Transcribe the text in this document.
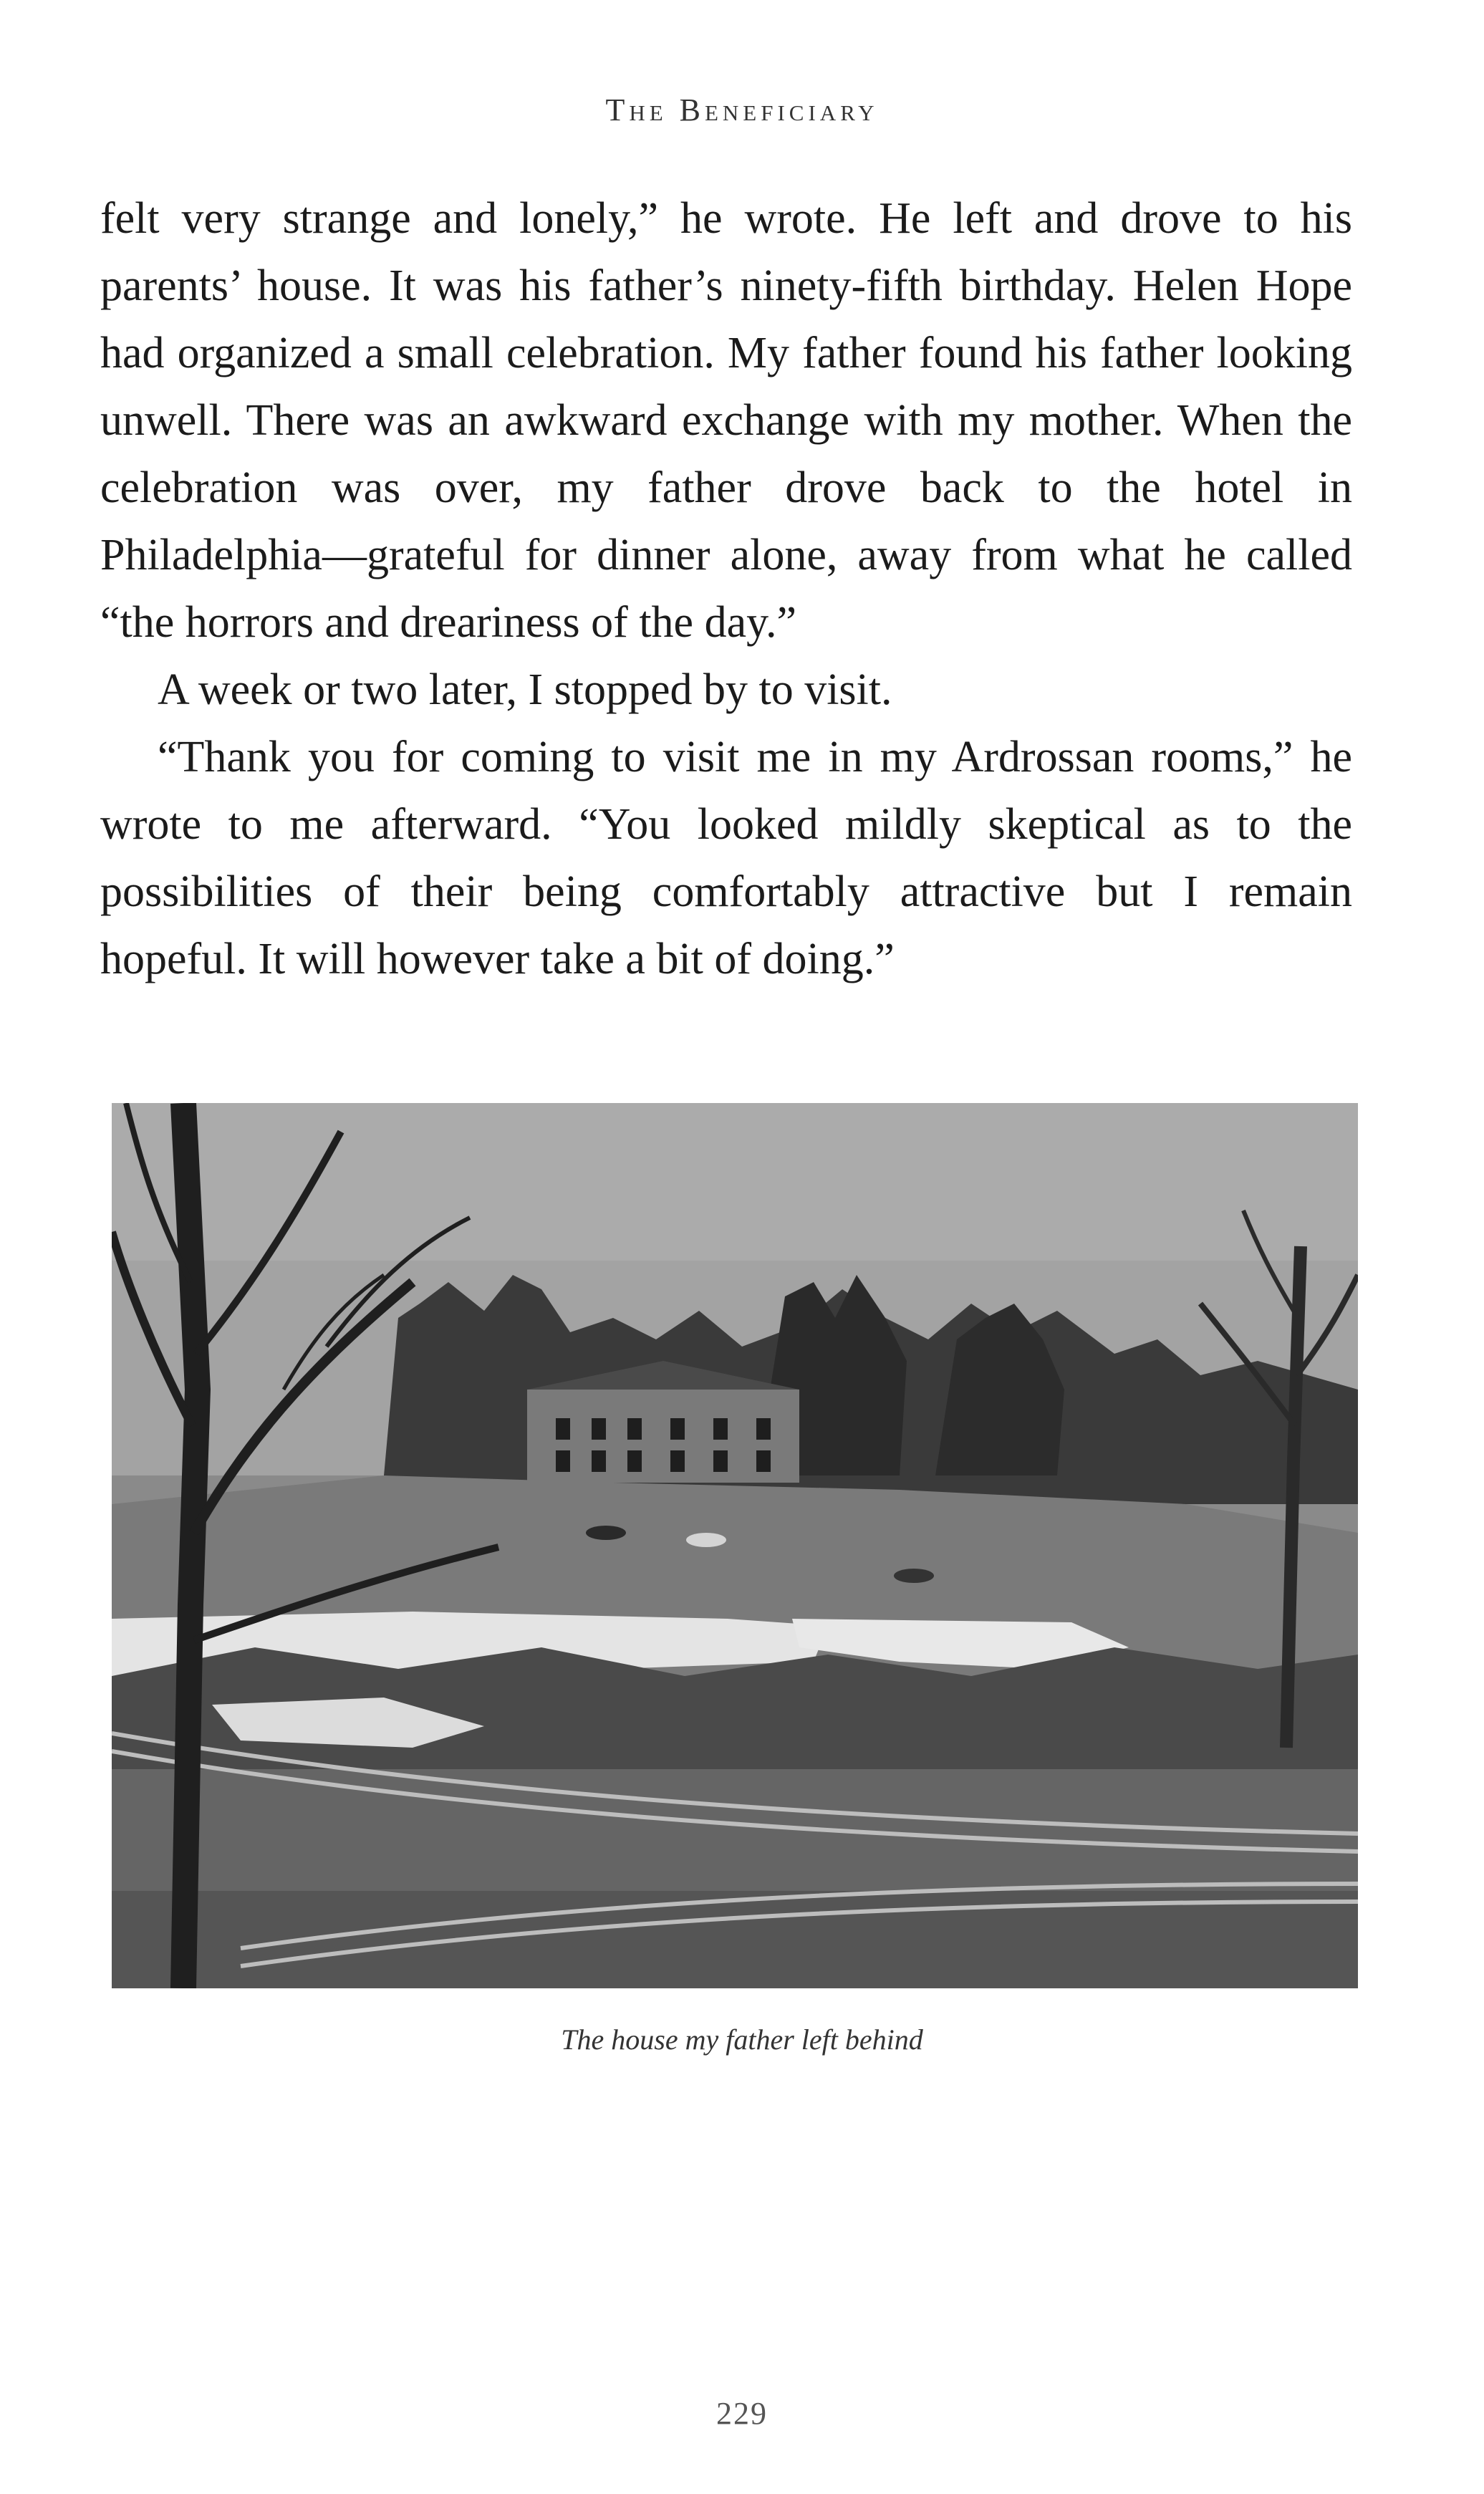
The Beneficiary

felt very strange and lonely,” he wrote. He left and drove to his parents’ house. It was his father’s ninety-fifth birthday. Helen Hope had organized a small celebration. My father found his father looking unwell. There was an awkward exchange with my mother. When the celebration was over, my father drove back to the hotel in Philadelphia—grateful for dinner alone, away from what he called “the horrors and dreariness of the day.”

A week or two later, I stopped by to visit.

“Thank you for coming to visit me in my Ardrossan rooms,” he wrote to me afterward. “You looked mildly skeptical as to the possibilities of their being comfortably attractive but I remain hopeful. It will however take a bit of doing.”

The house my father left behind
229
